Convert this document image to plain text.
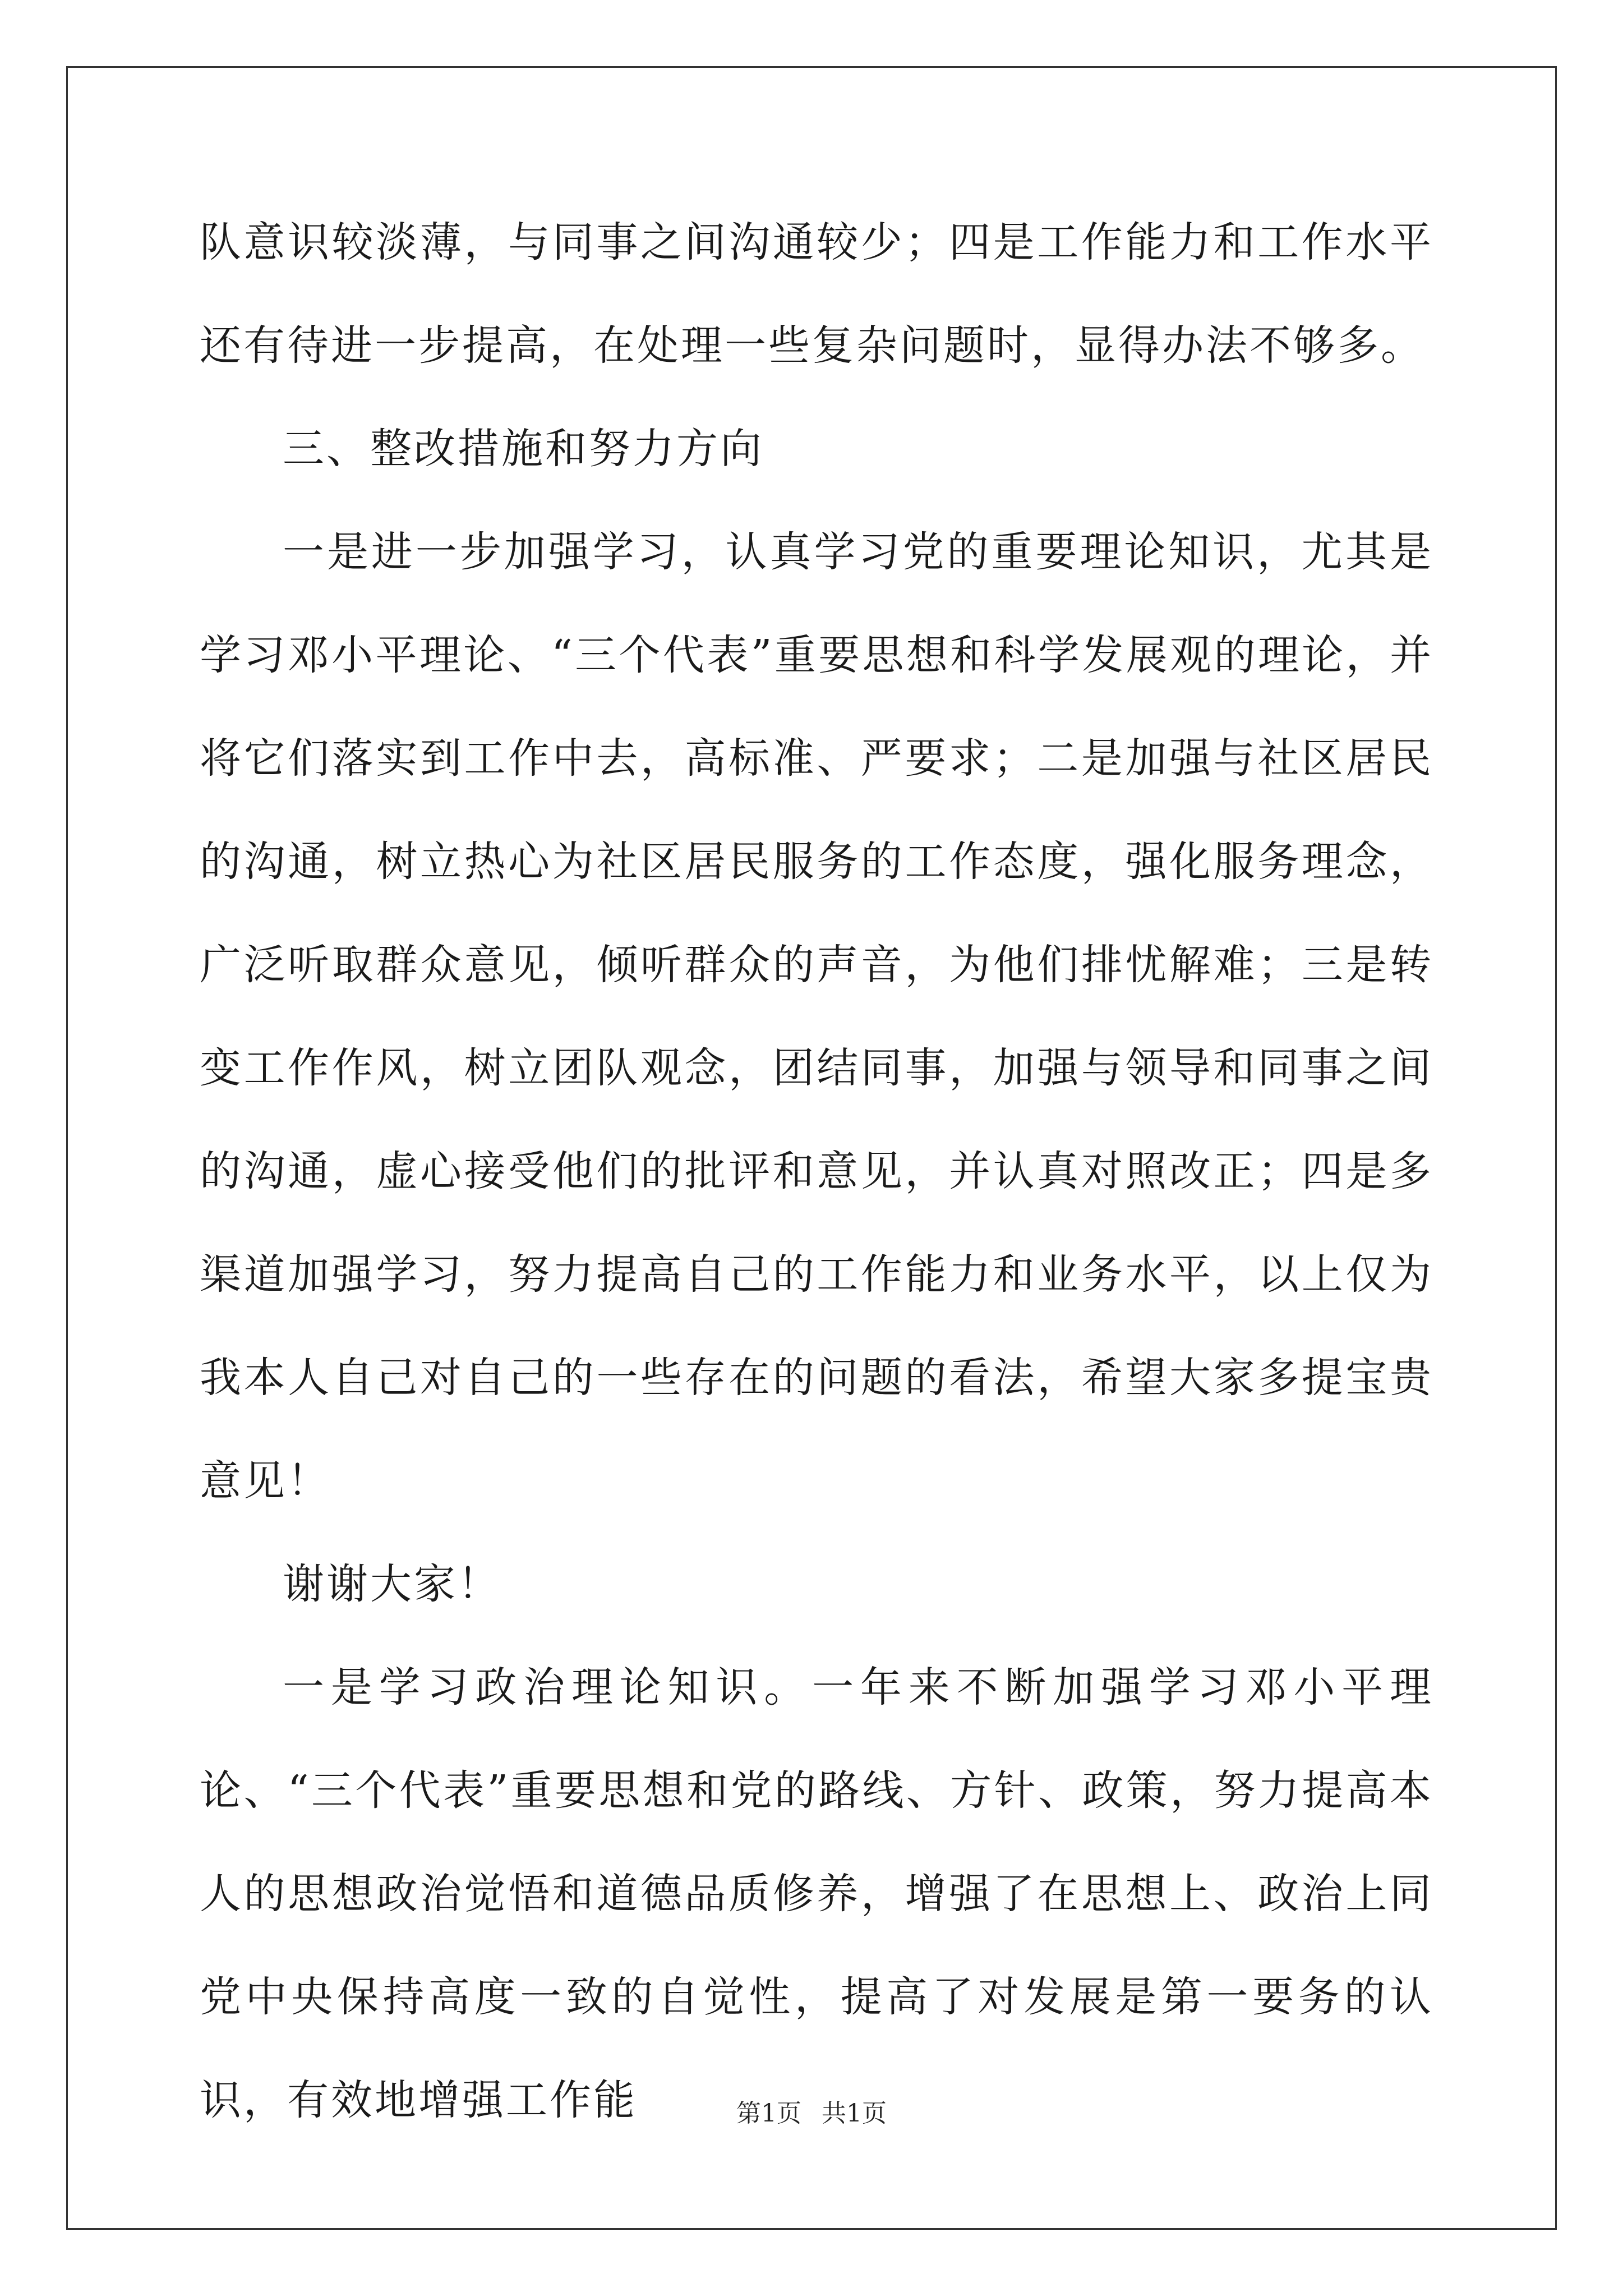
队意识较淡薄，与同事之间沟通较少；四是工作能力和工作水平还有待进一步提高，在处理一些复杂问题时，显得办法不够多。

三、整改措施和努力方向

一是进一步加强学习，认真学习党的重要理论知识，尤其是学习邓小平理论、“三个代表”重要思想和科学发展观的理论，并将它们落实到工作中去，高标准、严要求；二是加强与社区居民的沟通，树立热心为社区居民服务的工作态度，强化服务理念，广泛听取群众意见，倾听群众的声音，为他们排忧解难；三是转变工作作风，树立团队观念，团结同事，加强与领导和同事之间的沟通，虚心接受他们的批评和意见，并认真对照改正；四是多渠道加强学习，努力提高自己的工作能力和业务水平，以上仅为我本人自己对自己的一些存在的问题的看法，希望大家多提宝贵意见！

谢谢大家！

一是学习政治理论知识。一年来不断加强学习邓小平理论、“三个代表”重要思想和党的路线、方针、政策，努力提高本人的思想政治觉悟和道德品质修养，增强了在思想上、政治上同党中央保持高度一致的自觉性，提高了对发展是第一要务的认识，有效地增强工作能	第1页 共1页
